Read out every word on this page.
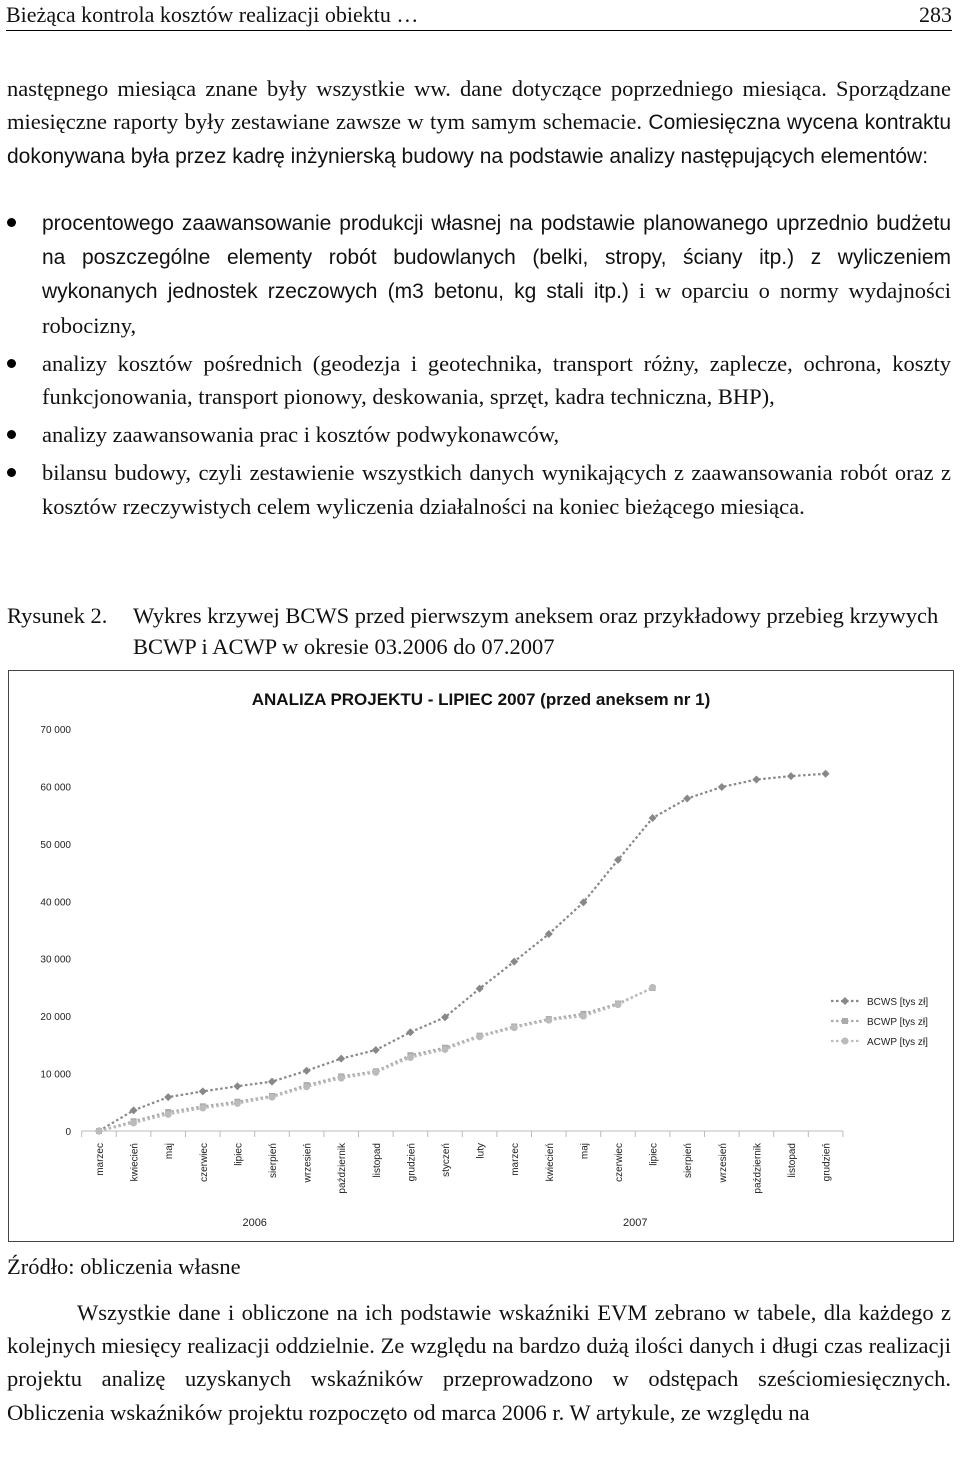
Bieżąca kontrola kosztów realizacji obiektu …	283

następnego miesiąca znane były wszystkie ww. dane dotyczące poprzedniego miesiąca. Sporządzane miesięczne raporty były zestawiane zawsze w tym samym schemacie. Comiesięczna wycena kontraktu dokonywana była przez kadrę inżynierską budowy na podstawie analizy następujących elementów:

procentowego zaawansowanie produkcji własnej na podstawie planowanego uprzednio budżetu na poszczególne elementy robót budowlanych (belki, stropy, ściany itp.) z wyliczeniem wykonanych jednostek rzeczowych (m3 betonu, kg stali itp.) i w oparciu o normy wydajności robocizny,
analizy kosztów pośrednich (geodezja i geotechnika, transport różny, zaplecze, ochrona, koszty funkcjonowania, transport pionowy, deskowania, sprzęt, kadra techniczna, BHP),
analizy zaawansowania prac i kosztów podwykonawców,
bilansu budowy, czyli zestawienie wszystkich danych wynikających z zaawansowania robót oraz z kosztów rzeczywistych celem wyliczenia działalności na koniec bieżącego miesiąca.
Rysunek 2. Wykres krzywej BCWS przed pierwszym aneksem oraz przykładowy przebieg krzywych BCWP i ACWP w okresie 03.2006 do 07.2007
ANALIZA PROJEKTU - LIPIEC 2007 (przed aneksem nr 1)
0
10 000
20 000
30 000
40 000
50 000
60 000
70 000
marzec kwiecień maj czerwiec lipiec sierpień wrzesień październik listopad grudzień styczeń luty marzec kwiecień maj czerwiec lipiec sierpień wrzesień październik listopad grudzień
2006	2007
BCWS [tys zł]
BCWP [tys zł]
ACWP [tys zł]

Źródło: obliczenia własne

Wszystkie dane i obliczone na ich podstawie wskaźniki EVM zebrano w tabele, dla każdego z kolejnych miesięcy realizacji oddzielnie. Ze względu na bardzo dużą ilości danych i długi czas realizacji projektu analizę uzyskanych wskaźników przeprowadzono w odstępach sześciomiesięcznych. Obliczenia wskaźników projektu rozpoczęto od marca 2006 r. W artykule, ze względu na
